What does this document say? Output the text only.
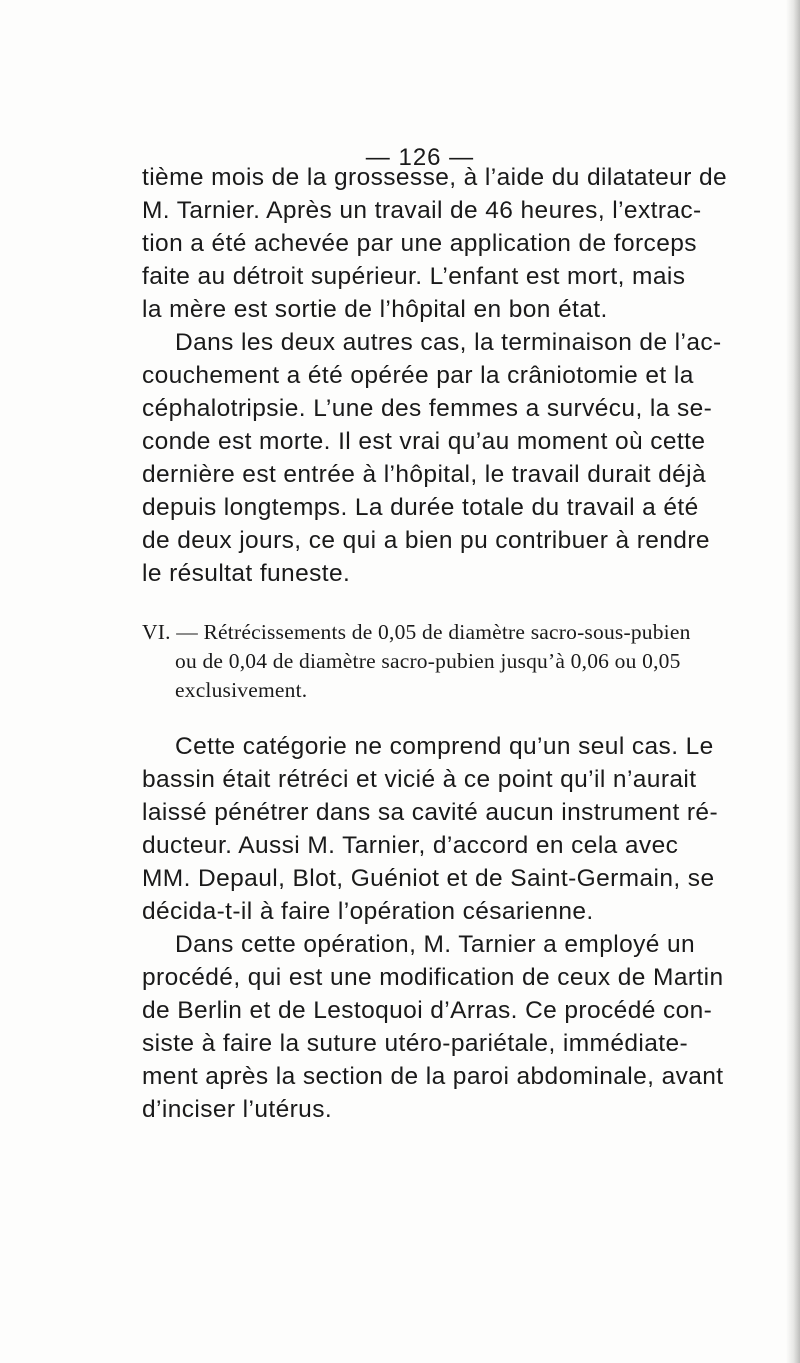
— 126 —

tième mois de la grossesse, à l’aide du dilatateur de

M. Tarnier. Après un travail de 46 heures, l’extrac-

tion a été achevée par une application de forceps

faite au détroit supérieur. L’enfant est mort, mais

la mère est sortie de l’hôpital en bon état.

Dans les deux autres cas, la terminaison de l’ac-

couchement a été opérée par la crâniotomie et la

céphalotripsie. L’une des femmes a survécu, la se-

conde est morte. Il est vrai qu’au moment où cette

dernière est entrée à l’hôpital, le travail durait déjà

depuis longtemps. La durée totale du travail a été

de deux jours, ce qui a bien pu contribuer à rendre

le résultat funeste.

VI. — Rétrécissements de 0,05 de diamètre sacro-sous-pubien

ou de 0,04 de diamètre sacro-pubien jusqu’à 0,06 ou 0,05

exclusivement.

Cette catégorie ne comprend qu’un seul cas. Le

bassin était rétréci et vicié à ce point qu’il n’aurait

laissé pénétrer dans sa cavité aucun instrument ré-

ducteur. Aussi M. Tarnier, d’accord en cela avec

MM. Depaul, Blot, Guéniot et de Saint-Germain, se

décida-t-il à faire l’opération césarienne.

Dans cette opération, M. Tarnier a employé un

procédé, qui est une modification de ceux de Martin

de Berlin et de Lestoquoi d’Arras. Ce procédé con-

siste à faire la suture utéro-pariétale, immédiate-

ment après la section de la paroi abdominale, avant

d’inciser l’utérus.
